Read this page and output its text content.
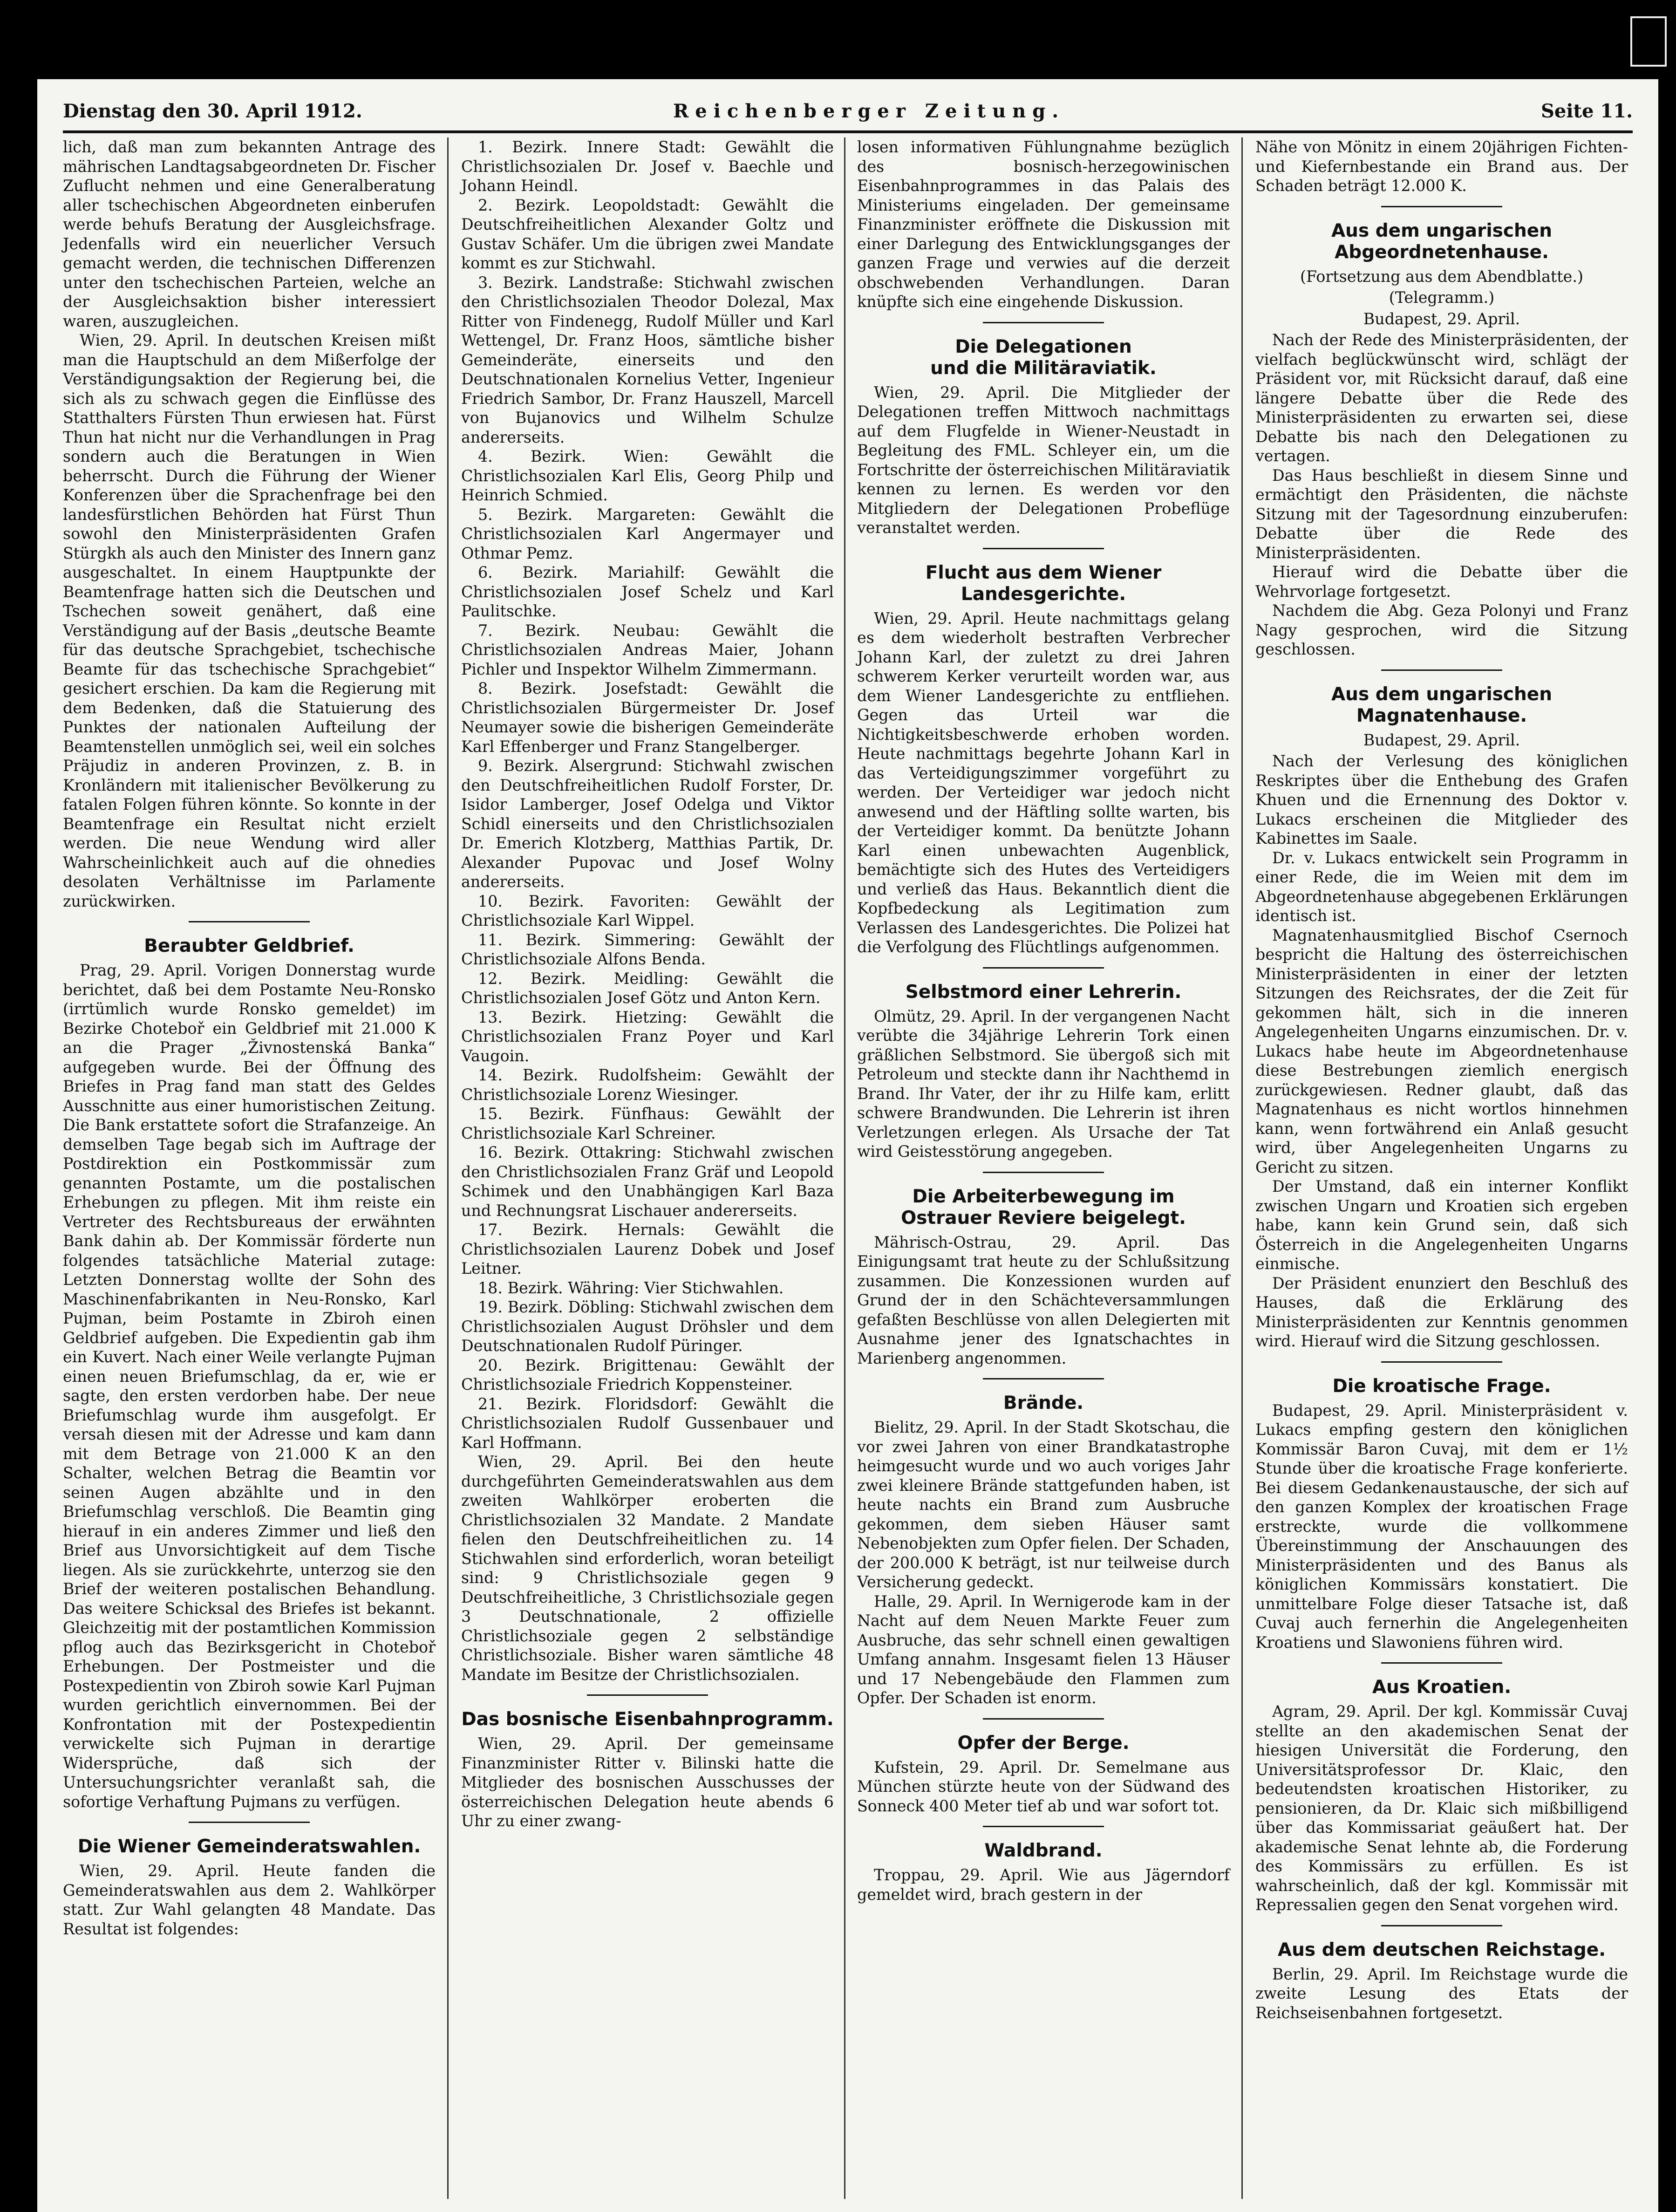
Dienstag den 30. April 1912.	Reichenberger Zeitung.	Seite 11.

lich, daß man zum bekannten Antrage des mährischen Landtagsabgeordneten Dr. Fischer Zuflucht nehmen und eine Generalberatung aller tschechischen Abgeordneten einberufen werde behufs Beratung der Ausgleichsfrage. Jedenfalls wird ein neuerlicher Versuch gemacht werden, die technischen Differenzen unter den tschechischen Parteien, welche an der Ausgleichsaktion bisher interessiert waren, auszugleichen.

Wien, 29. April. In deutschen Kreisen mißt man die Hauptschuld an dem Mißerfolge der Verständigungsaktion der Regierung bei, die sich als zu schwach gegen die Einflüsse des Statthalters Fürsten Thun erwiesen hat. Fürst Thun hat nicht nur die Verhandlungen in Prag sondern auch die Beratungen in Wien beherrscht. Durch die Führung der Wiener Konferenzen über die Sprachenfrage bei den landesfürstlichen Behörden hat Fürst Thun sowohl den Ministerpräsidenten Grafen Stürgkh als auch den Minister des Innern ganz ausgeschaltet. In einem Hauptpunkte der Beamtenfrage hatten sich die Deutschen und Tschechen soweit genähert, daß eine Verständigung auf der Basis „deutsche Beamte für das deutsche Sprachgebiet, tschechische Beamte für das tschechische Sprachgebiet“ gesichert erschien. Da kam die Regierung mit dem Bedenken, daß die Statuierung des Punktes der nationalen Aufteilung der Beamtenstellen unmöglich sei, weil ein solches Präjudiz in anderen Provinzen, z. B. in Kronländern mit italienischer Bevölkerung zu fatalen Folgen führen könnte. So konnte in der Beamtenfrage ein Resultat nicht erzielt werden. Die neue Wendung wird aller Wahrscheinlichkeit auch auf die ohnedies desolaten Verhältnisse im Parlamente zurückwirken.

Beraubter Geldbrief.

Prag, 29. April. Vorigen Donnerstag wurde berichtet, daß bei dem Postamte Neu-Ronsko (irrtümlich wurde Ronsko gemeldet) im Bezirke Choteboř ein Geldbrief mit 21.000 K an die Prager „Živnostenská Banka“ aufgegeben wurde. Bei der Öffnung des Briefes in Prag fand man statt des Geldes Ausschnitte aus einer humoristischen Zeitung. Die Bank erstattete sofort die Strafanzeige. An demselben Tage begab sich im Auftrage der Postdirektion ein Postkommissär zum genannten Postamte, um die postalischen Erhebungen zu pflegen. Mit ihm reiste ein Vertreter des Rechtsbureaus der erwähnten Bank dahin ab. Der Kommissär förderte nun folgendes tatsächliche Material zutage: Letzten Donnerstag wollte der Sohn des Maschinenfabrikanten in Neu-Ronsko, Karl Pujman, beim Postamte in Zbiroh einen Geldbrief aufgeben. Die Expedientin gab ihm ein Kuvert. Nach einer Weile verlangte Pujman einen neuen Briefumschlag, da er, wie er sagte, den ersten verdorben habe. Der neue Briefumschlag wurde ihm ausgefolgt. Er versah diesen mit der Adresse und kam dann mit dem Betrage von 21.000 K an den Schalter, welchen Betrag die Beamtin vor seinen Augen abzählte und in den Briefumschlag verschloß. Die Beamtin ging hierauf in ein anderes Zimmer und ließ den Brief aus Unvorsichtigkeit auf dem Tische liegen. Als sie zurückkehrte, unterzog sie den Brief der weiteren postalischen Behandlung. Das weitere Schicksal des Briefes ist bekannt. Gleichzeitig mit der postamtlichen Kommission pflog auch das Bezirksgericht in Choteboř Erhebungen. Der Postmeister und die Postexpedientin von Zbiroh sowie Karl Pujman wurden gerichtlich einvernommen. Bei der Konfrontation mit der Postexpedientin verwickelte sich Pujman in derartige Widersprüche, daß sich der Untersuchungsrichter veranlaßt sah, die sofortige Verhaftung Pujmans zu verfügen.

Die Wiener Gemeinderatswahlen.

Wien, 29. April. Heute fanden die Gemeinderatswahlen aus dem 2. Wahlkörper statt. Zur Wahl gelangten 48 Mandate. Das Resultat ist folgendes:

1. Bezirk. Innere Stadt: Gewählt die Christlichsozialen Dr. Josef v. Baechle und Johann Heindl.

2. Bezirk. Leopoldstadt: Gewählt die Deutschfreiheitlichen Alexander Goltz und Gustav Schäfer. Um die übrigen zwei Mandate kommt es zur Stichwahl.

3. Bezirk. Landstraße: Stichwahl zwischen den Christlichsozialen Theodor Dolezal, Max Ritter von Findenegg, Rudolf Müller und Karl Wettengel, Dr. Franz Hoos, sämtliche bisher Gemeinderäte, einerseits und den Deutschnationalen Kornelius Vetter, Ingenieur Friedrich Sambor, Dr. Franz Hauszell, Marcell von Bujanovics und Wilhelm Schulze andererseits.

4. Bezirk. Wien: Gewählt die Christlichsozialen Karl Elis, Georg Philp und Heinrich Schmied.

5. Bezirk. Margareten: Gewählt die Christlichsozialen Karl Angermayer und Othmar Pemz.

6. Bezirk. Mariahilf: Gewählt die Christlichsozialen Josef Schelz und Karl Paulitschke.

7. Bezirk. Neubau: Gewählt die Christlichsozialen Andreas Maier, Johann Pichler und Inspektor Wilhelm Zimmermann.

8. Bezirk. Josefstadt: Gewählt die Christlichsozialen Bürgermeister Dr. Josef Neumayer sowie die bisherigen Gemeinderäte Karl Effenberger und Franz Stangelberger.

9. Bezirk. Alsergrund: Stichwahl zwischen den Deutschfreiheitlichen Rudolf Forster, Dr. Isidor Lamberger, Josef Odelga und Viktor Schidl einerseits und den Christlichsozialen Dr. Emerich Klotzberg, Matthias Partik, Dr. Alexander Pupovac und Josef Wolny andererseits.

10. Bezirk. Favoriten: Gewählt der Christlichsoziale Karl Wippel.

11. Bezirk. Simmering: Gewählt der Christlichsoziale Alfons Benda.

12. Bezirk. Meidling: Gewählt die Christlichsozialen Josef Götz und Anton Kern.

13. Bezirk. Hietzing: Gewählt die Christlichsozialen Franz Poyer und Karl Vaugoin.

14. Bezirk. Rudolfsheim: Gewählt der Christlichsoziale Lorenz Wiesinger.

15. Bezirk. Fünfhaus: Gewählt der Christlichsoziale Karl Schreiner.

16. Bezirk. Ottakring: Stichwahl zwischen den Christlichsozialen Franz Gräf und Leopold Schimek und den Unabhängigen Karl Baza und Rechnungsrat Lischauer andererseits.

17. Bezirk. Hernals: Gewählt die Christlichsozialen Laurenz Dobek und Josef Leitner.

18. Bezirk. Währing: Vier Stichwahlen.

19. Bezirk. Döbling: Stichwahl zwischen dem Christlichsozialen August Dröhsler und dem Deutschnationalen Rudolf Püringer.

20. Bezirk. Brigittenau: Gewählt der Christlichsoziale Friedrich Koppensteiner.

21. Bezirk. Floridsdorf: Gewählt die Christlichsozialen Rudolf Gussenbauer und Karl Hoffmann.

Wien, 29. April. Bei den heute durchgeführten Gemeinderatswahlen aus dem zweiten Wahlkörper eroberten die Christlichsozialen 32 Mandate. 2 Mandate fielen den Deutschfreiheitlichen zu. 14 Stichwahlen sind erforderlich, woran beteiligt sind: 9 Christlichsoziale gegen 9 Deutschfreiheitliche, 3 Christlichsoziale gegen 3 Deutschnationale, 2 offizielle Christlichsoziale gegen 2 selbständige Christlichsoziale. Bisher waren sämtliche 48 Mandate im Besitze der Christlichsozialen.

Das bosnische Eisenbahnprogramm.

Wien, 29. April. Der gemeinsame Finanzminister Ritter v. Bilinski hatte die Mitglieder des bosnischen Ausschusses der österreichischen Delegation heute abends 6 Uhr zu einer zwang-

losen informativen Fühlungnahme bezüglich des bosnisch-herzegowinischen Eisenbahnprogrammes in das Palais des Ministeriums eingeladen. Der gemeinsame Finanzminister eröffnete die Diskussion mit einer Darlegung des Entwicklungsganges der ganzen Frage und verwies auf die derzeit obschwebenden Verhandlungen. Daran knüpfte sich eine eingehende Diskussion.

Die Delegationen
und die Militäraviatik.

Wien, 29. April. Die Mitglieder der Delegationen treffen Mittwoch nachmittags auf dem Flugfelde in Wiener-Neustadt in Begleitung des FML. Schleyer ein, um die Fortschritte der österreichischen Militäraviatik kennen zu lernen. Es werden vor den Mitgliedern der Delegationen Probeflüge veranstaltet werden.

Flucht aus dem Wiener Landesgerichte.

Wien, 29. April. Heute nachmittags gelang es dem wiederholt bestraften Verbrecher Johann Karl, der zuletzt zu drei Jahren schwerem Kerker verurteilt worden war, aus dem Wiener Landesgerichte zu entfliehen. Gegen das Urteil war die Nichtigkeitsbeschwerde erhoben worden. Heute nachmittags begehrte Johann Karl in das Verteidigungszimmer vorgeführt zu werden. Der Verteidiger war jedoch nicht anwesend und der Häftling sollte warten, bis der Verteidiger kommt. Da benützte Johann Karl einen unbewachten Augenblick, bemächtigte sich des Hutes des Verteidigers und verließ das Haus. Bekanntlich dient die Kopfbedeckung als Legitimation zum Verlassen des Landesgerichtes. Die Polizei hat die Verfolgung des Flüchtlings aufgenommen.

Selbstmord einer Lehrerin.

Olmütz, 29. April. In der vergangenen Nacht verübte die 34jährige Lehrerin Tork einen gräßlichen Selbstmord. Sie übergoß sich mit Petroleum und steckte dann ihr Nachthemd in Brand. Ihr Vater, der ihr zu Hilfe kam, erlitt schwere Brandwunden. Die Lehrerin ist ihren Verletzungen erlegen. Als Ursache der Tat wird Geistesstörung angegeben.

Die Arbeiterbewegung im
Ostrauer Reviere beigelegt.

Mährisch-Ostrau, 29. April. Das Einigungsamt trat heute zu der Schlußsitzung zusammen. Die Konzessionen wurden auf Grund der in den Schächteversammlungen gefaßten Beschlüsse von allen Delegierten mit Ausnahme jener des Ignatschachtes in Marienberg angenommen.

Brände.

Bielitz, 29. April. In der Stadt Skotschau, die vor zwei Jahren von einer Brandkatastrophe heimgesucht wurde und wo auch voriges Jahr zwei kleinere Brände stattgefunden haben, ist heute nachts ein Brand zum Ausbruche gekommen, dem sieben Häuser samt Nebenobjekten zum Opfer fielen. Der Schaden, der 200.000 K beträgt, ist nur teilweise durch Versicherung gedeckt.

Halle, 29. April. In Wernigerode kam in der Nacht auf dem Neuen Markte Feuer zum Ausbruche, das sehr schnell einen gewaltigen Umfang annahm. Insgesamt fielen 13 Häuser und 17 Nebengebäude den Flammen zum Opfer. Der Schaden ist enorm.

Opfer der Berge.

Kufstein, 29. April. Dr. Semelmane aus München stürzte heute von der Südwand des Sonneck 400 Meter tief ab und war sofort tot.

Waldbrand.

Troppau, 29. April. Wie aus Jägerndorf gemeldet wird, brach gestern in der

Nähe von Mönitz in einem 20jährigen Fichten- und Kiefernbestande ein Brand aus. Der Schaden beträgt 12.000 K.

Aus dem ungarischen Abgeordnetenhause.
(Fortsetzung aus dem Abendblatte.)
(Telegramm.)
Budapest, 29. April.

Nach der Rede des Ministerpräsidenten, der vielfach beglückwünscht wird, schlägt der Präsident vor, mit Rücksicht darauf, daß eine längere Debatte über die Rede des Ministerpräsidenten zu erwarten sei, diese Debatte bis nach den Delegationen zu vertagen.

Das Haus beschließt in diesem Sinne und ermächtigt den Präsidenten, die nächste Sitzung mit der Tagesordnung einzuberufen: Debatte über die Rede des Ministerpräsidenten.

Hierauf wird die Debatte über die Wehrvorlage fortgesetzt.

Nachdem die Abg. Geza Polonyi und Franz Nagy gesprochen, wird die Sitzung geschlossen.

Aus dem ungarischen Magnatenhause.
Budapest, 29. April.

Nach der Verlesung des königlichen Reskriptes über die Enthebung des Grafen Khuen und die Ernennung des Doktor v. Lukacs erscheinen die Mitglieder des Kabinettes im Saale.

Dr. v. Lukacs entwickelt sein Programm in einer Rede, die im Weien mit dem im Abgeordnetenhause abgegebenen Erklärungen identisch ist.

Magnatenhausmitglied Bischof Csernoch bespricht die Haltung des österreichischen Ministerpräsidenten in einer der letzten Sitzungen des Reichsrates, der die Zeit für gekommen hält, sich in die inneren Angelegenheiten Ungarns einzumischen. Dr. v. Lukacs habe heute im Abgeordnetenhause diese Bestrebungen ziemlich energisch zurückgewiesen. Redner glaubt, daß das Magnatenhaus es nicht wortlos hinnehmen kann, wenn fortwährend ein Anlaß gesucht wird, über Angelegenheiten Ungarns zu Gericht zu sitzen.

Der Umstand, daß ein interner Konflikt zwischen Ungarn und Kroatien sich ergeben habe, kann kein Grund sein, daß sich Österreich in die Angelegenheiten Ungarns einmische.

Der Präsident enunziert den Beschluß des Hauses, daß die Erklärung des Ministerpräsidenten zur Kenntnis genommen wird. Hierauf wird die Sitzung geschlossen.

Die kroatische Frage.

Budapest, 29. April. Ministerpräsident v. Lukacs empfing gestern den königlichen Kommissär Baron Cuvaj, mit dem er 1½ Stunde über die kroatische Frage konferierte. Bei diesem Gedankenaustausche, der sich auf den ganzen Komplex der kroatischen Frage erstreckte, wurde die vollkommene Übereinstimmung der Anschauungen des Ministerpräsidenten und des Banus als königlichen Kommissärs konstatiert. Die unmittelbare Folge dieser Tatsache ist, daß Cuvaj auch fernerhin die Angelegenheiten Kroatiens und Slawoniens führen wird.

Aus Kroatien.

Agram, 29. April. Der kgl. Kommissär Cuvaj stellte an den akademischen Senat der hiesigen Universität die Forderung, den Universitätsprofessor Dr. Klaic, den bedeutendsten kroatischen Historiker, zu pensionieren, da Dr. Klaic sich mißbilligend über das Kommissariat geäußert hat. Der akademische Senat lehnte ab, die Forderung des Kommissärs zu erfüllen. Es ist wahrscheinlich, daß der kgl. Kommissär mit Repressalien gegen den Senat vorgehen wird.

Aus dem deutschen Reichstage.

Berlin, 29. April. Im Reichstage wurde die zweite Lesung des Etats der Reichseisenbahnen fortgesetzt.
